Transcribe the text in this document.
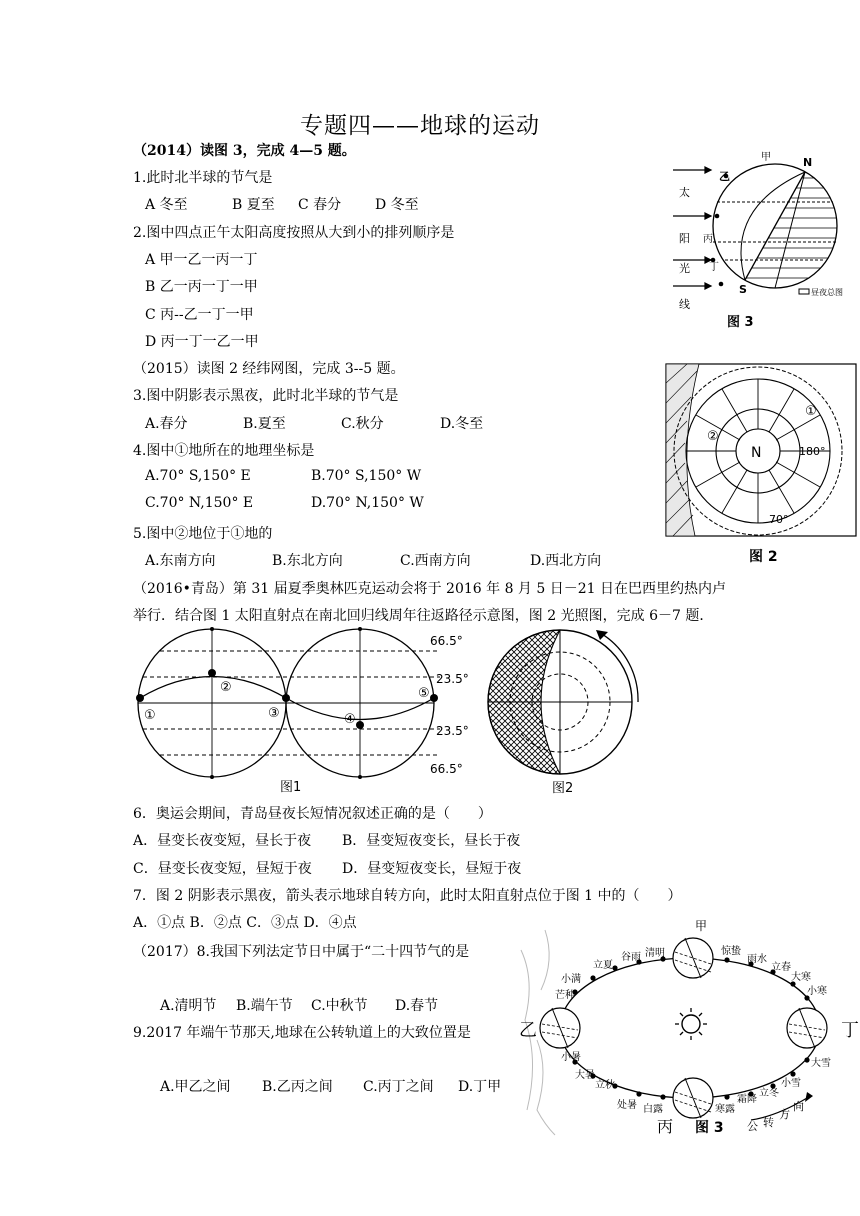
专题四——地球的运动
（2014）读图 3，完成 4—5 题。
1.此时北半球的节气是
A 冬至	B 夏至 C 春分 D 冬至
2.图中四点正午太阳高度按照从大到小的排列顺序是
A 甲一乙一丙一丁
B 乙一丙一丁一甲
C 丙--乙一丁一甲
D 丙一丁一乙一甲
太
阳
光
线
甲	N
乙
丙
丁
S	昼夜总图
图 3
（2015）读图 2 经纬网图，完成 3--5 题。
3.图中阴影表示黑夜，此时北半球的节气是
A.春分	B.夏至	C.秋分	D.冬至
4.图中①地所在的地理坐标是
A.70° S,150° E	B.70° S,150° W
C.70° N,150° E	D.70° N,150° W
5.图中②地位于①地的
A.东南方向	B.东北方向	C.西南方向	D.西北方向
N	180°
70°
①
②
图 2
（2016•青岛）第 31 届夏季奥林匹克运动会将于 2016 年 8 月 5 日－21 日在巴西里约热内卢
举行．结合图 1 太阳直射点在南北回归线周年往返路径示意图，图 2 光照图，完成 6－7 题．
66.5°
23.5°
23.5°
66.5°
①
②
③	④
⑤
图1	图2
6．奥运会期间，青岛昼夜长短情况叙述正确的是（　　）
A．昼变长夜变短，昼长于夜 B．昼变短夜变长，昼长于夜
C．昼变长夜变短，昼短于夜 D．昼变短夜变长，昼短于夜
7．图 2 阴影表示黑夜，箭头表示地球自转方向，此时太阳直射点位于图 1 中的（　　）
A．①点 B．②点 C．③点 D．④点
（2017）8.我国下列法定节日中属于“二十四节气的是
A.清明节 B.端午节 C.中秋节 D.春节
9.2017 年端午节那天,地球在公转轨道上的大致位置是
A.甲乙之间 B.乙丙之间 C.丙丁之间 D.丁甲
乙	丁
丙
甲
立夏
谷雨 清明	惊蛰
雨水
立春
大寒
小寒
小满
芒种
大雪
小暑
大暑
立秋
处暑 白露	寒露
霜降
立冬
小雪
公 转
方
向
图 3
